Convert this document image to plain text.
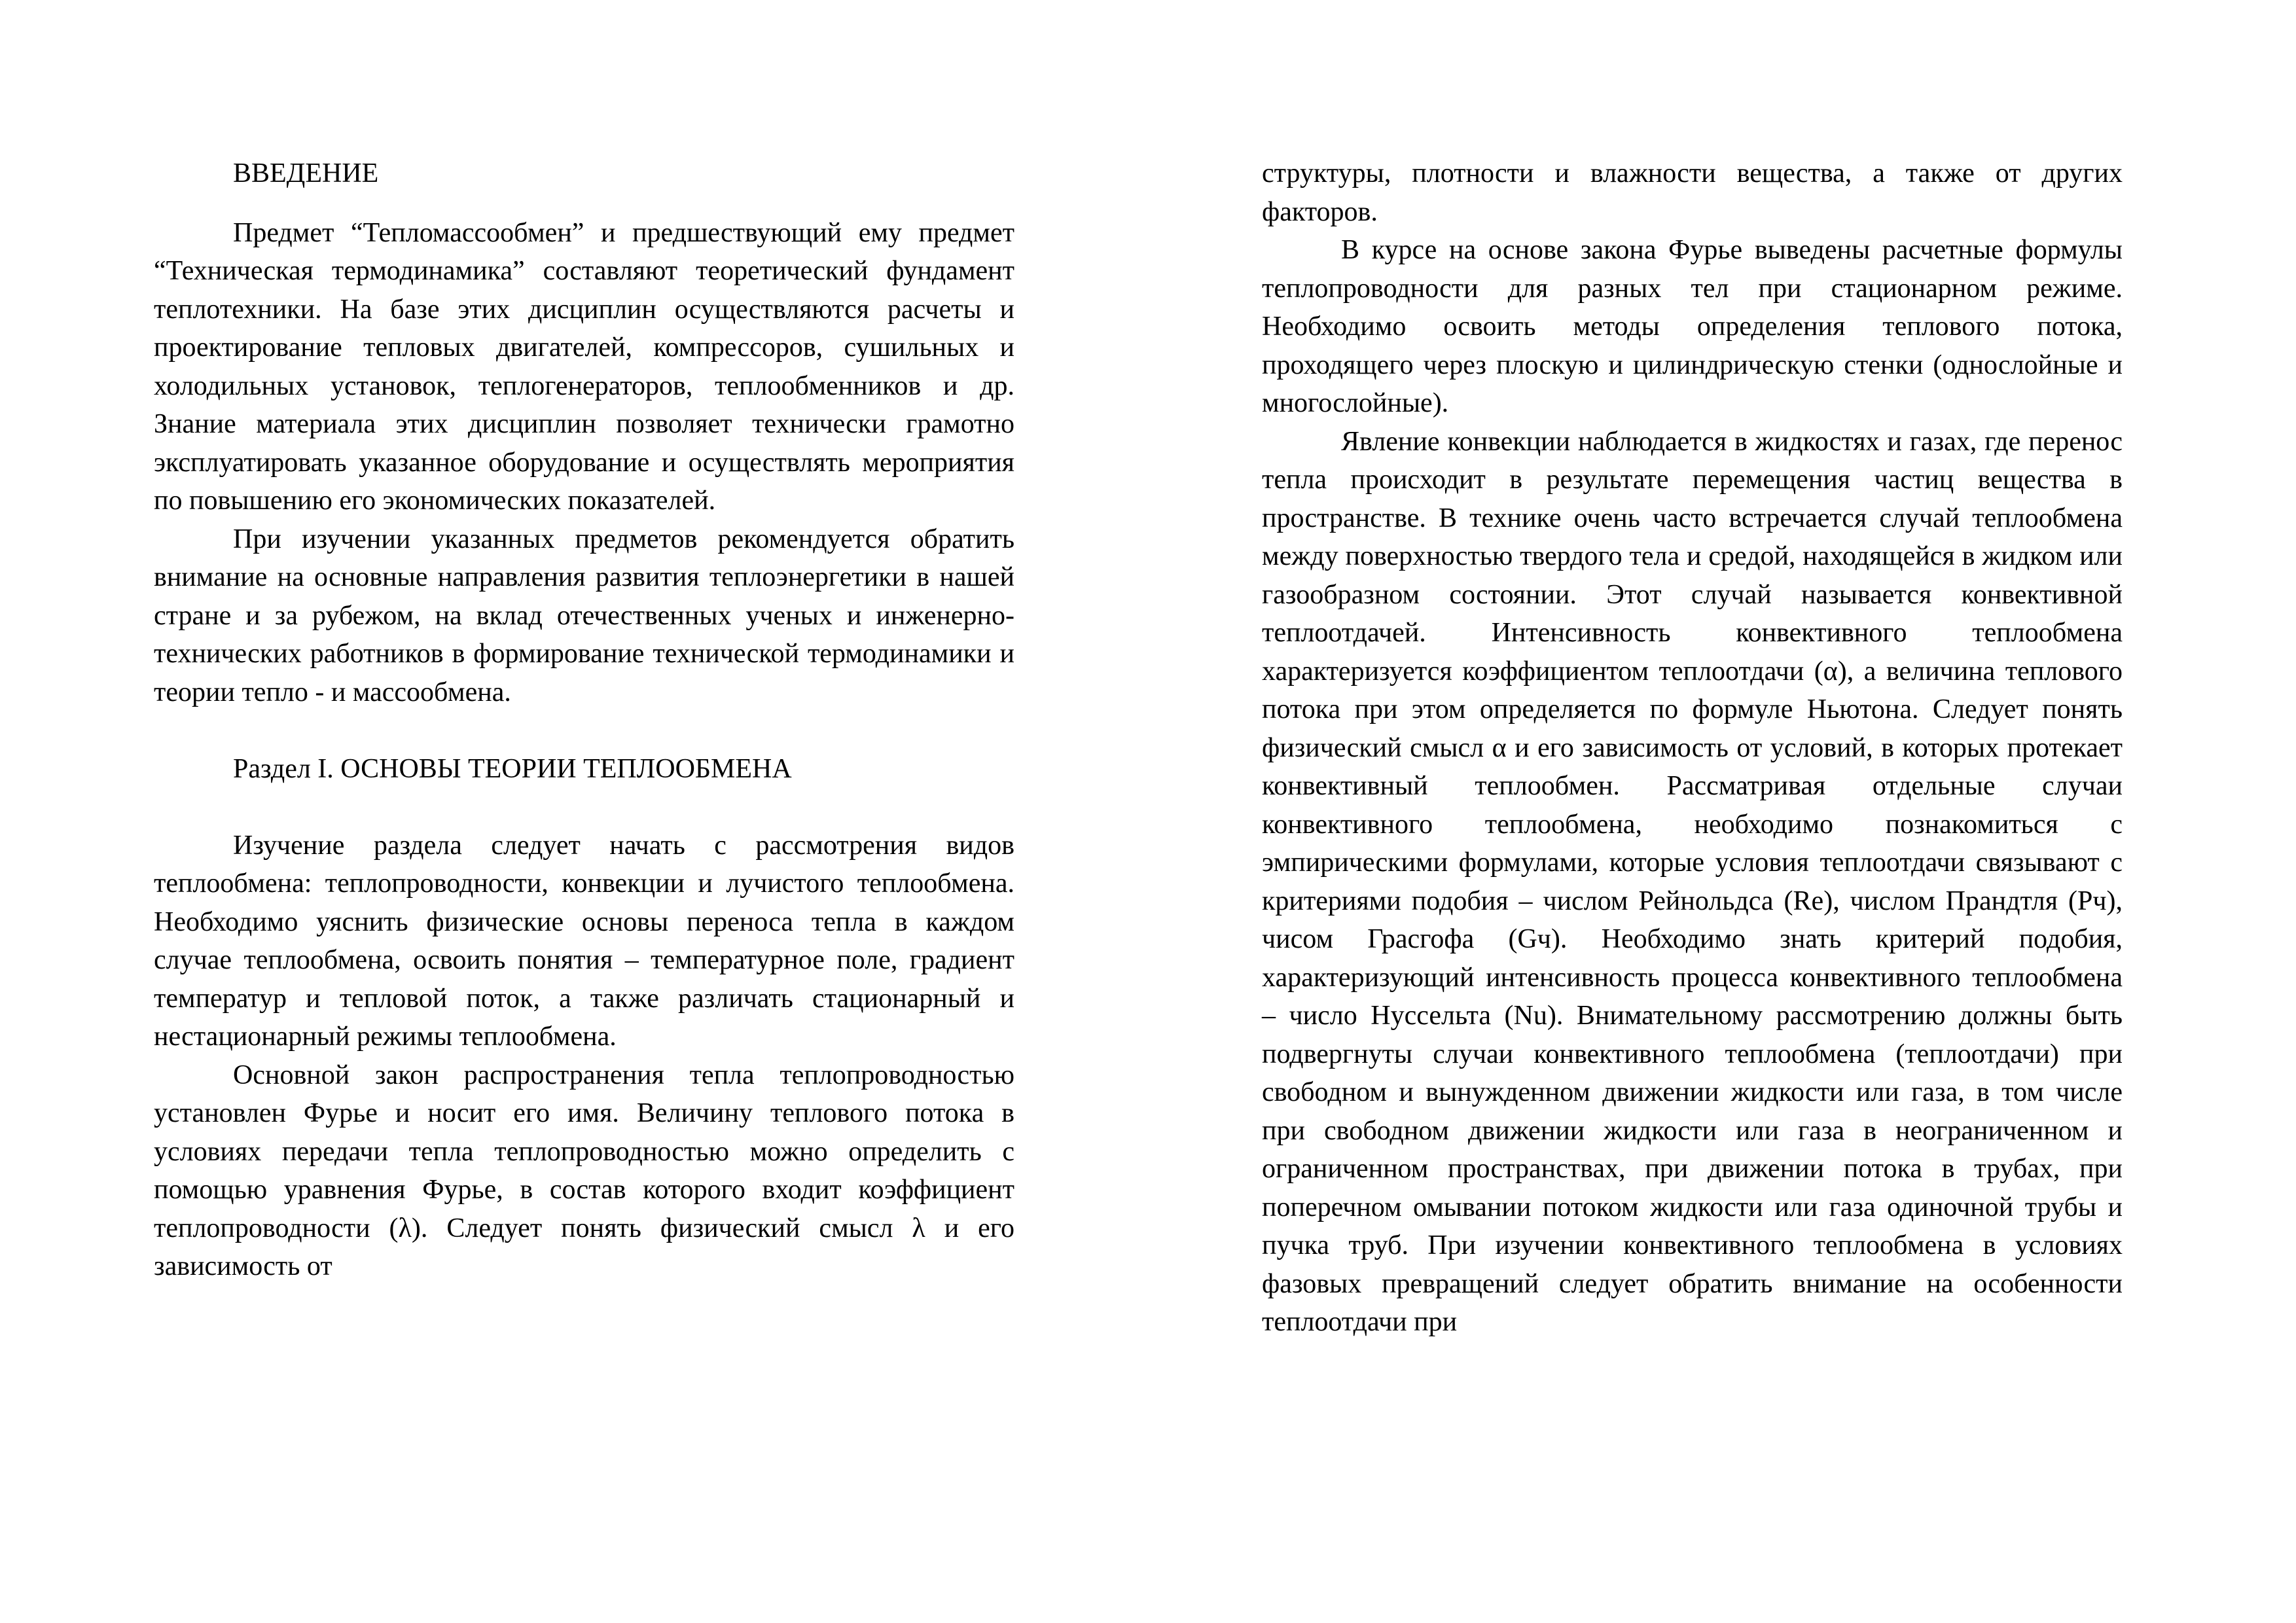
ВВЕДЕНИЕ

Предмет “Тепломассообмен” и предшествующий ему предмет “Техническая термодинамика” составляют теоретический фундамент теплотехники. На базе этих дисциплин осуществляются расчеты и проектирование тепловых двигателей, компрессоров, сушильных и холодильных установок, теплогенераторов, теплообменников и др. Знание материала этих дисциплин позволяет технически грамотно эксплуатировать указанное оборудование и осуществлять мероприятия по повышению его экономических показателей.

При изучении указанных предметов рекомендуется обратить внимание на основные направления развития теплоэнергетики в нашей стране и за рубежом, на вклад отечественных ученых и инженерно-технических работников в формирование технической термодинамики и теории тепло - и массообмена.

Раздел I. ОСНОВЫ ТЕОРИИ ТЕПЛООБМЕНА

Изучение раздела следует начать с рассмотрения видов теплообмена: теплопроводности, конвекции и лучистого теплообмена. Необходимо уяснить физические основы переноса тепла в каждом случае теплообмена, освоить понятия – температурное поле, градиент температур и тепловой поток, а также различать стационарный и нестационарный режимы теплообмена.

Основной закон распространения тепла теплопроводностью установлен Фурье и носит его имя. Величину теплового потока в условиях передачи тепла теплопроводностью можно определить с помощью уравнения Фурье, в состав которого входит коэффициент теплопроводности (λ). Следует понять физический смысл λ и его зависимость от

структуры, плотности и влажности вещества, а также от других факторов.

В курсе на основе закона Фурье выведены расчетные формулы теплопроводности для разных тел при стационарном режиме. Необходимо освоить методы определения теплового потока, проходящего через плоскую и цилиндрическую стенки (однослойные и многослойные).

Явление конвекции наблюдается в жидкостях и газах, где перенос тепла происходит в результате перемещения частиц вещества в пространстве. В технике очень часто встречается случай теплообмена между поверхностью твердого тела и средой, находящейся в жидком или газообразном состоянии. Этот случай называется конвективной теплоотдачей. Интенсивность конвективного теплообмена характеризуется коэффициентом теплоотдачи (α), а величина теплового потока при этом определяется по формуле Ньютона. Следует понять физический смысл α и его зависимость от условий, в которых протекает конвективный теплообмен. Рассматривая отдельные случаи конвективного теплообмена, необходимо познакомиться с эмпирическими формулами, которые условия теплоотдачи связывают с критериями подобия – числом Рейнольдса (Re), числом Прандтля (Pч), чисом Грасгофа (Gч). Необходимо знать критерий подобия, характеризующий интенсивность процесса конвективного теплообмена – число Нуссельта (Nu). Внимательному рассмотрению должны быть подвергнуты случаи конвективного теплообмена (теплоотдачи) при свободном и вынужденном движении жидкости или газа, в том числе при свободном движении жидкости или газа в неограниченном и ограниченном пространствах, при движении потока в трубах, при поперечном омывании потоком жидкости или газа одиночной трубы и пучка труб. При изучении конвективного теплообмена в условиях фазовых превращений следует обратить внимание на особенности теплоотдачи при
